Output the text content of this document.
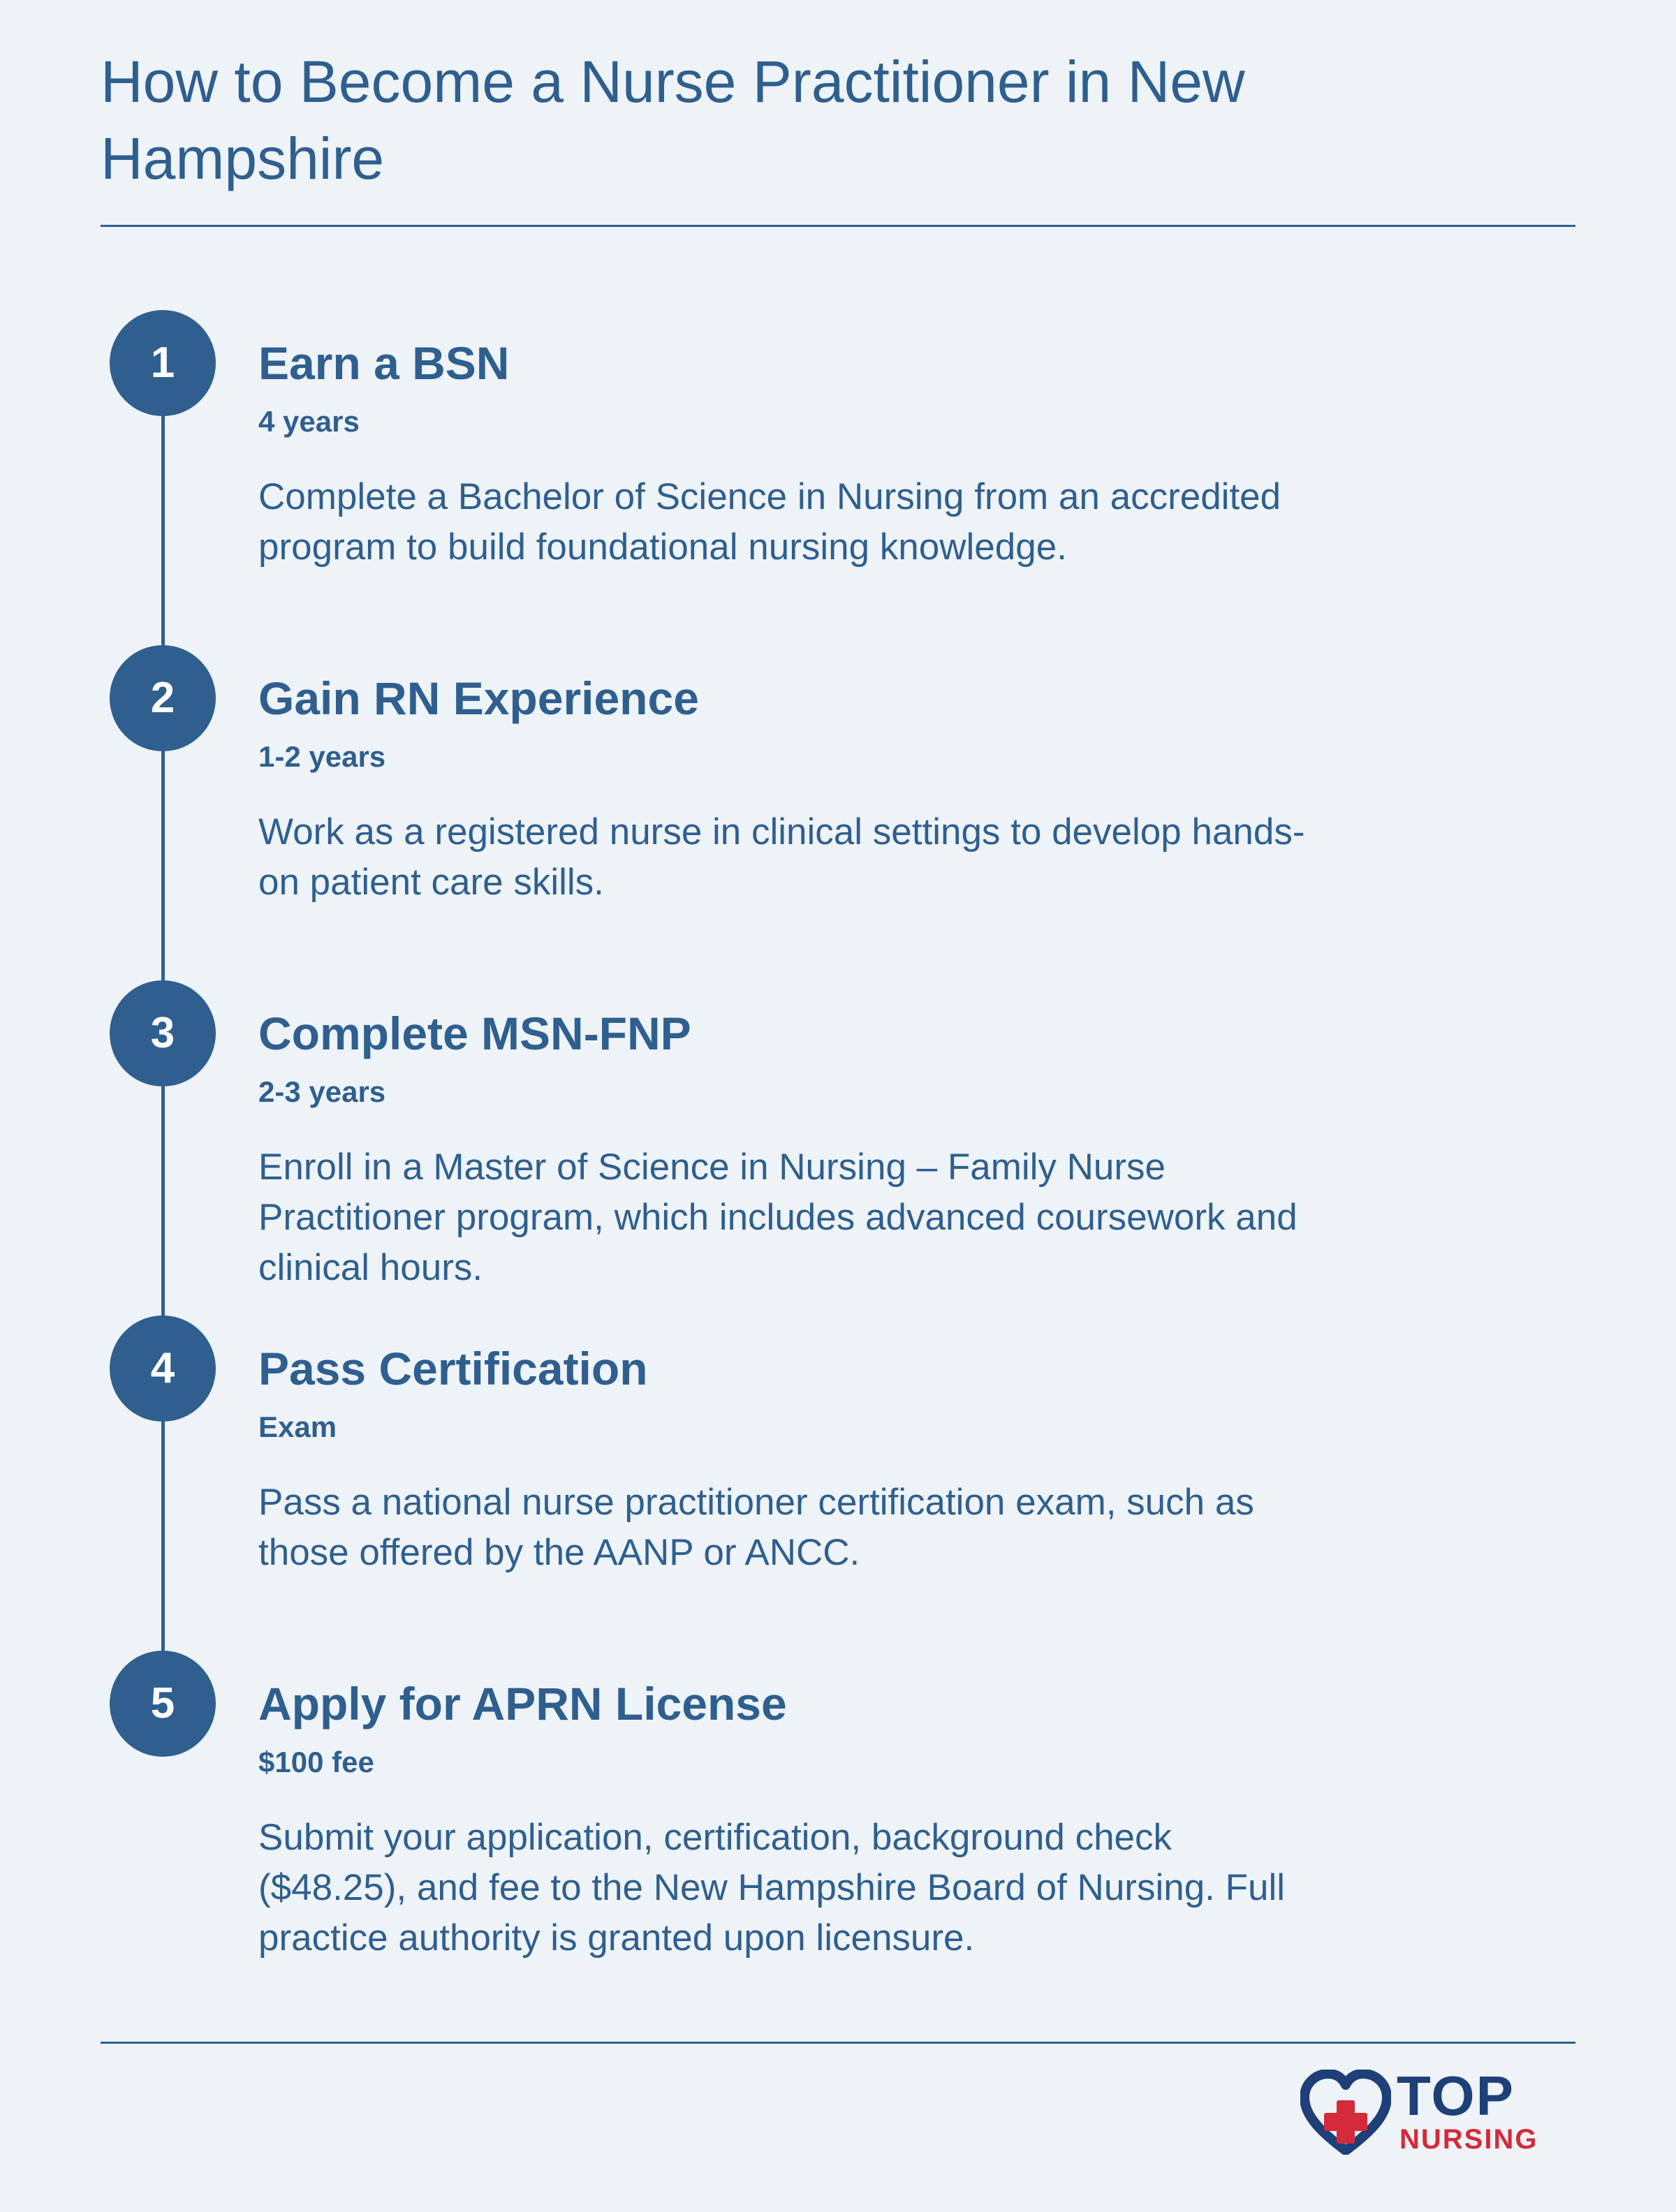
How to Become a Nurse Practitioner in New Hampshire
1	Earn a BSN
4 years
Complete a Bachelor of Science in Nursing from an accredited program to build foundational nursing knowledge.
2	Gain RN Experience
1-2 years
Work as a registered nurse in clinical settings to develop hands-on patient care skills.
3	Complete MSN-FNP
2-3 years
Enroll in a Master of Science in Nursing – Family Nurse Practitioner program, which includes advanced coursework and clinical hours.
4	Pass Certification
Exam
Pass a national nurse practitioner certification exam, such as those offered by the AANP or ANCC.
5	Apply for APRN License
$100 fee
Submit your application, certification, background check ($48.25), and fee to the New Hampshire Board of Nursing. Full practice authority is granted upon licensure.
TOP
NURSING
